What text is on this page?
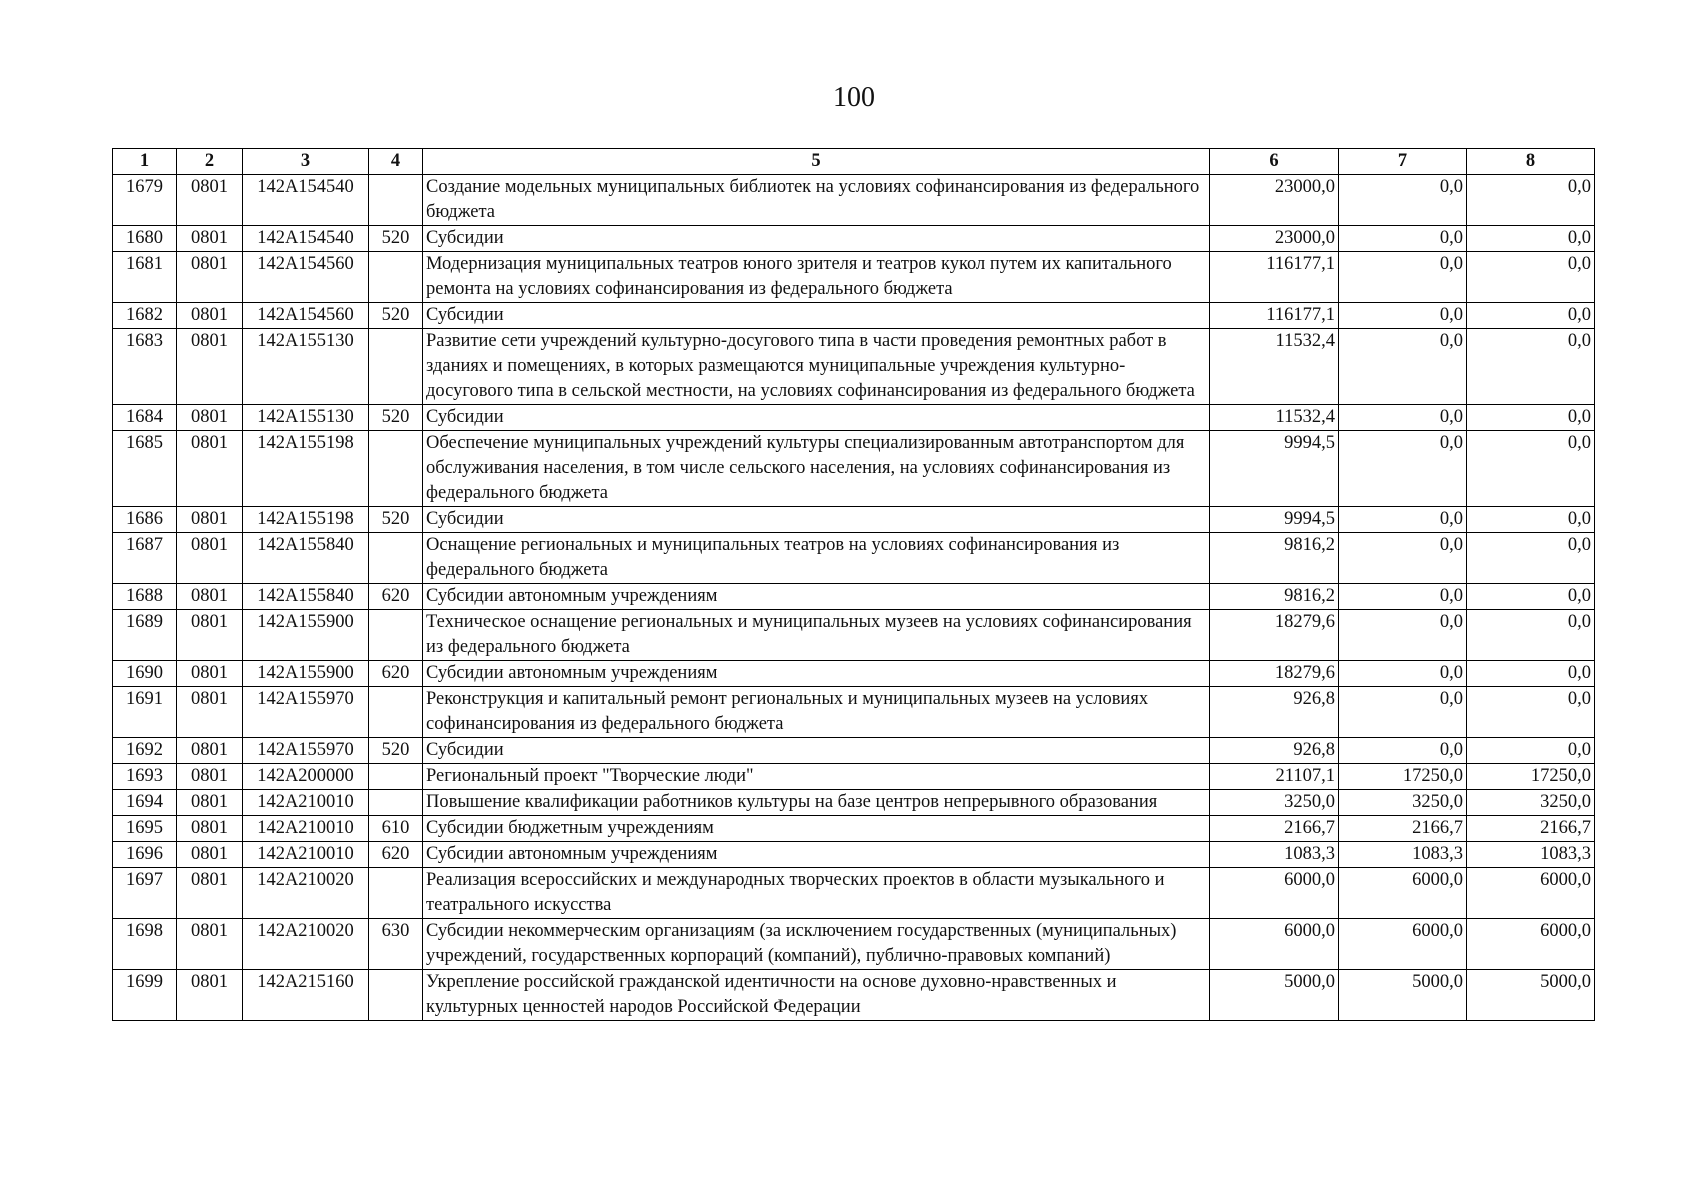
100
1	2	3	4	5	6	7	8
1679	0801	142A154540		Создание модельных муниципальных библиотек на условиях софинансирования из федерального бюджета	23000,0	0,0	0,0
1680	0801	142A154540	520	Субсидии	23000,0	0,0	0,0
1681	0801	142A154560		Модернизация муниципальных театров юного зрителя и театров кукол путем их капитального ремонта на условиях софинансирования из федерального бюджета	116177,1	0,0	0,0
1682	0801	142A154560	520	Субсидии	116177,1	0,0	0,0
1683	0801	142A155130		Развитие сети учреждений культурно-досугового типа в части проведения ремонтных работ в зданиях и помещениях, в которых размещаются муниципальные учреждения культурно-досугового типа в сельской местности, на условиях софинансирования из федерального бюджета	11532,4	0,0	0,0
1684	0801	142A155130	520	Субсидии	11532,4	0,0	0,0
1685	0801	142A155198		Обеспечение муниципальных учреждений культуры специализированным автотранспортом для обслуживания населения, в том числе сельского населения, на условиях софинансирования из федерального бюджета	9994,5	0,0	0,0
1686	0801	142A155198	520	Субсидии	9994,5	0,0	0,0
1687	0801	142A155840		Оснащение региональных и муниципальных театров на условиях софинансирования из федерального бюджета	9816,2	0,0	0,0
1688	0801	142A155840	620	Субсидии автономным учреждениям	9816,2	0,0	0,0
1689	0801	142A155900		Техническое оснащение региональных и муниципальных музеев на условиях софинансирования из федерального бюджета	18279,6	0,0	0,0
1690	0801	142A155900	620	Субсидии автономным учреждениям	18279,6	0,0	0,0
1691	0801	142A155970		Реконструкция и капитальный ремонт региональных и муниципальных музеев на условиях софинансирования из федерального бюджета	926,8	0,0	0,0
1692	0801	142A155970	520	Субсидии	926,8	0,0	0,0
1693	0801	142A200000		Региональный проект "Творческие люди"	21107,1	17250,0	17250,0
1694	0801	142A210010		Повышение квалификации работников культуры на базе центров непрерывного образования	3250,0	3250,0	3250,0
1695	0801	142A210010	610	Субсидии бюджетным учреждениям	2166,7	2166,7	2166,7
1696	0801	142A210010	620	Субсидии автономным учреждениям	1083,3	1083,3	1083,3
1697	0801	142A210020		Реализация всероссийских и международных творческих проектов в области музыкального и театрального искусства	6000,0	6000,0	6000,0
1698	0801	142A210020	630	Субсидии некоммерческим организациям (за исключением государственных (муниципальных) учреждений, государственных корпораций (компаний), публично-правовых компаний)	6000,0	6000,0	6000,0
1699	0801	142A215160		Укрепление российской гражданской идентичности на основе духовно-нравственных и культурных ценностей народов Российской Федерации	5000,0	5000,0	5000,0
